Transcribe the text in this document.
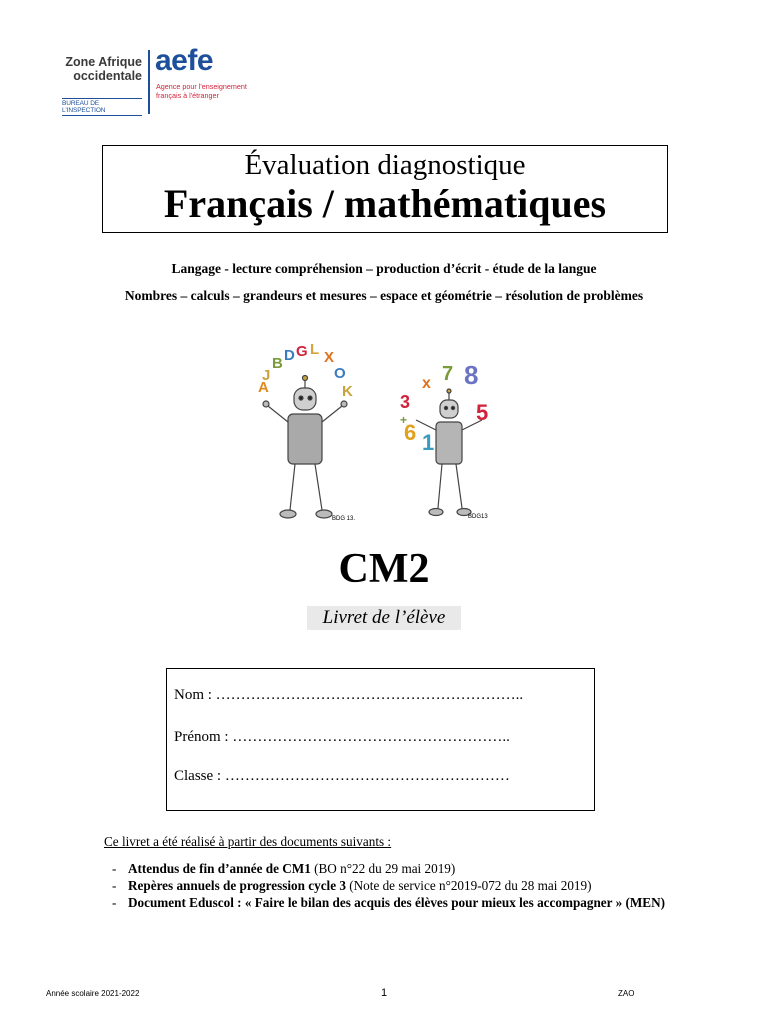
Zone Afrique
occidentale
BUREAU DE L'INSPECTION
aefe
Agence pour l'enseignement français à l'étranger
Évaluation diagnostique
Français / mathématiques
Langage - lecture compréhension – production d’écrit - étude de la langue
Nombres – calculs – grandeurs et mesures – espace et géométrie – résolution de problèmes
A
J
B D G L X
O
K
BDG 13.
3
x 7 8
6 1
5
+
BDG13
CM2
Livret de l’élève
Nom : ……………………………………………………..
Prénom : ………………………………………………..
Classe : …………………………………………………
Ce livret a été réalisé à partir des documents suivants :
- Attendus de fin d’année de CM1 (BO n°22 du 29 mai 2019)
- Repères annuels de progression cycle 3 (Note de service n°2019-072 du 28 mai 2019)
- Document Eduscol : « Faire le bilan des acquis des élèves pour mieux les accompagner » (MEN)
Année scolaire 2021-2022	1	ZAO
